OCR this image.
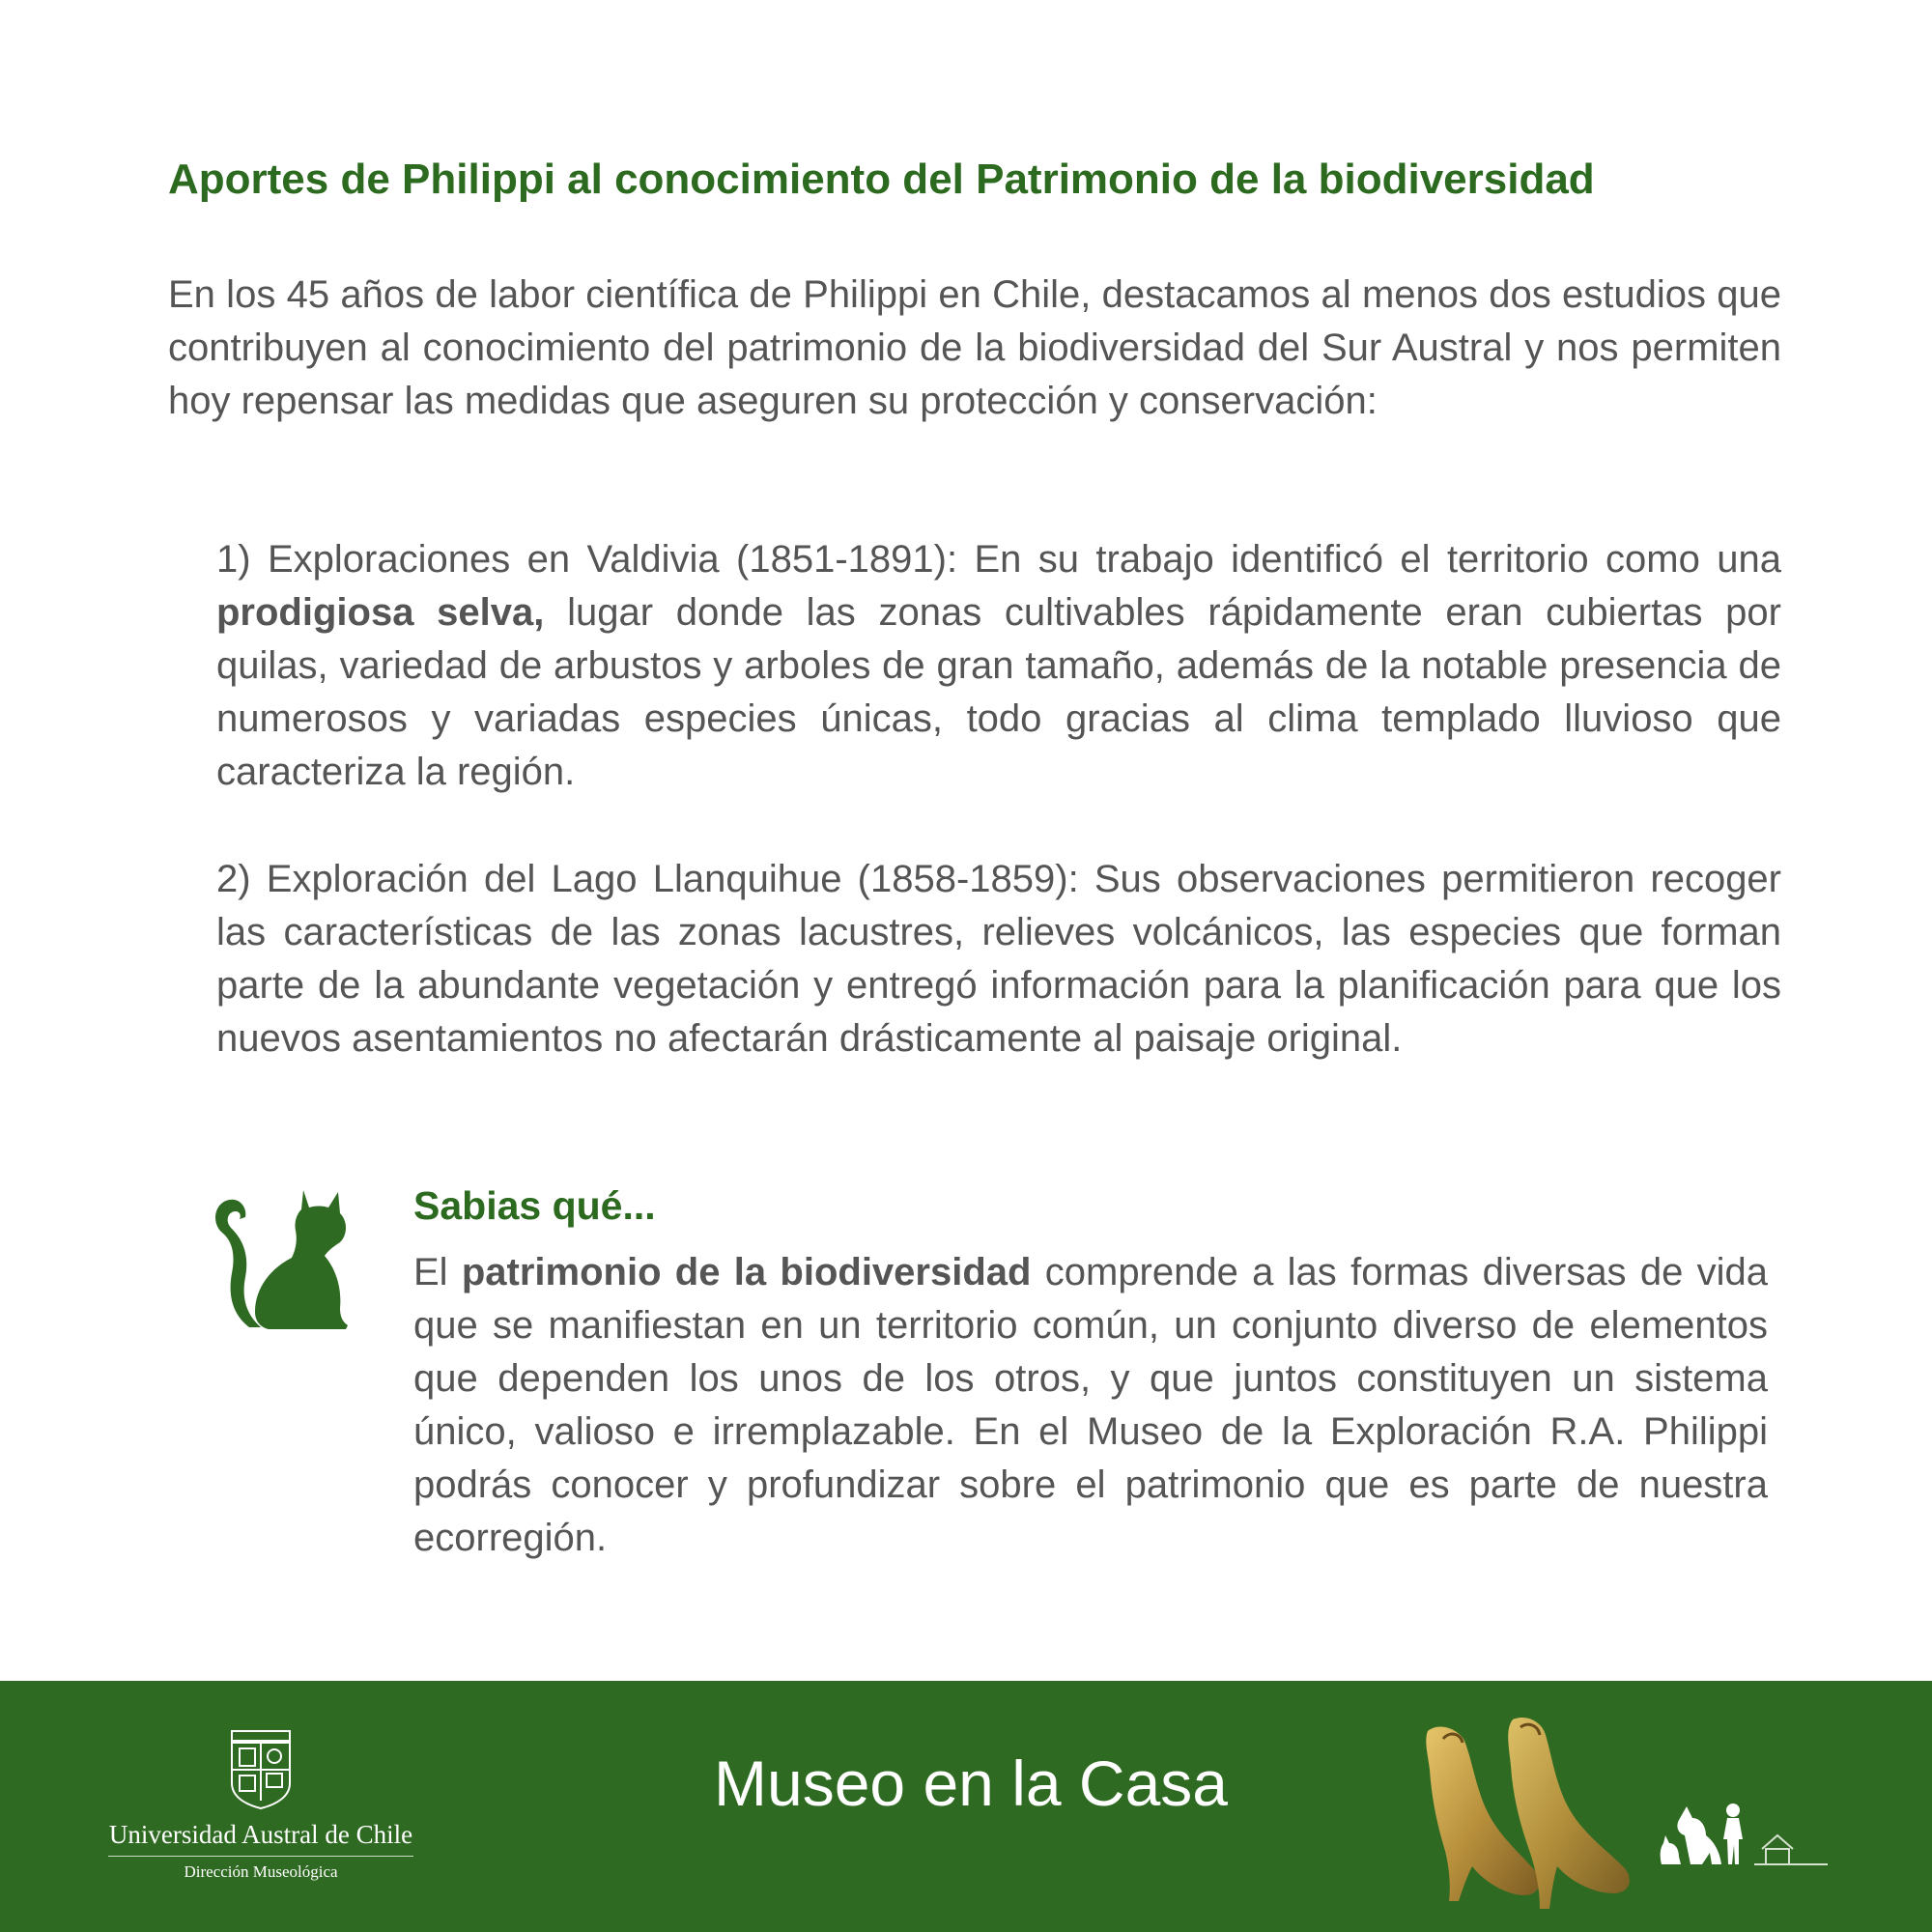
Aportes de Philippi al conocimiento del Patrimonio de la biodiversidad
En los 45 años de labor científica de Philippi en Chile, destacamos al menos dos estudios que contribuyen al conocimiento del patrimonio de la biodiversidad del Sur Austral y nos permiten hoy repensar las medidas que aseguren su protección y conservación:
1) Exploraciones en Valdivia (1851-1891): En su trabajo identificó el territorio como una prodigiosa selva, lugar donde las zonas cultivables rápidamente eran cubiertas por quilas, variedad de arbustos y arboles de gran tamaño, además de la notable presencia de numerosos y variadas especies únicas, todo gracias al clima templado lluvioso que caracteriza la región.
2) Exploración del Lago Llanquihue (1858-1859): Sus observaciones permitieron recoger las características de las zonas lacustres, relieves volcánicos, las especies que forman parte de la abundante vegetación y entregó información para la planificación para que los nuevos asentamientos no afectarán drásticamente al paisaje original.
Sabias qué...
El patrimonio de la biodiversidad comprende a las formas diversas de vida que se manifiestan en un territorio común, un conjunto diverso de elementos que dependen los unos de los otros, y que juntos constituyen un sistema único, valioso e irremplazable. En el Museo de la Exploración R.A. Philippi podrás conocer y profundizar sobre el patrimonio que es parte de nuestra ecorregión.
Universidad Austral de Chile
Dirección Museológica
Museo en la Casa
